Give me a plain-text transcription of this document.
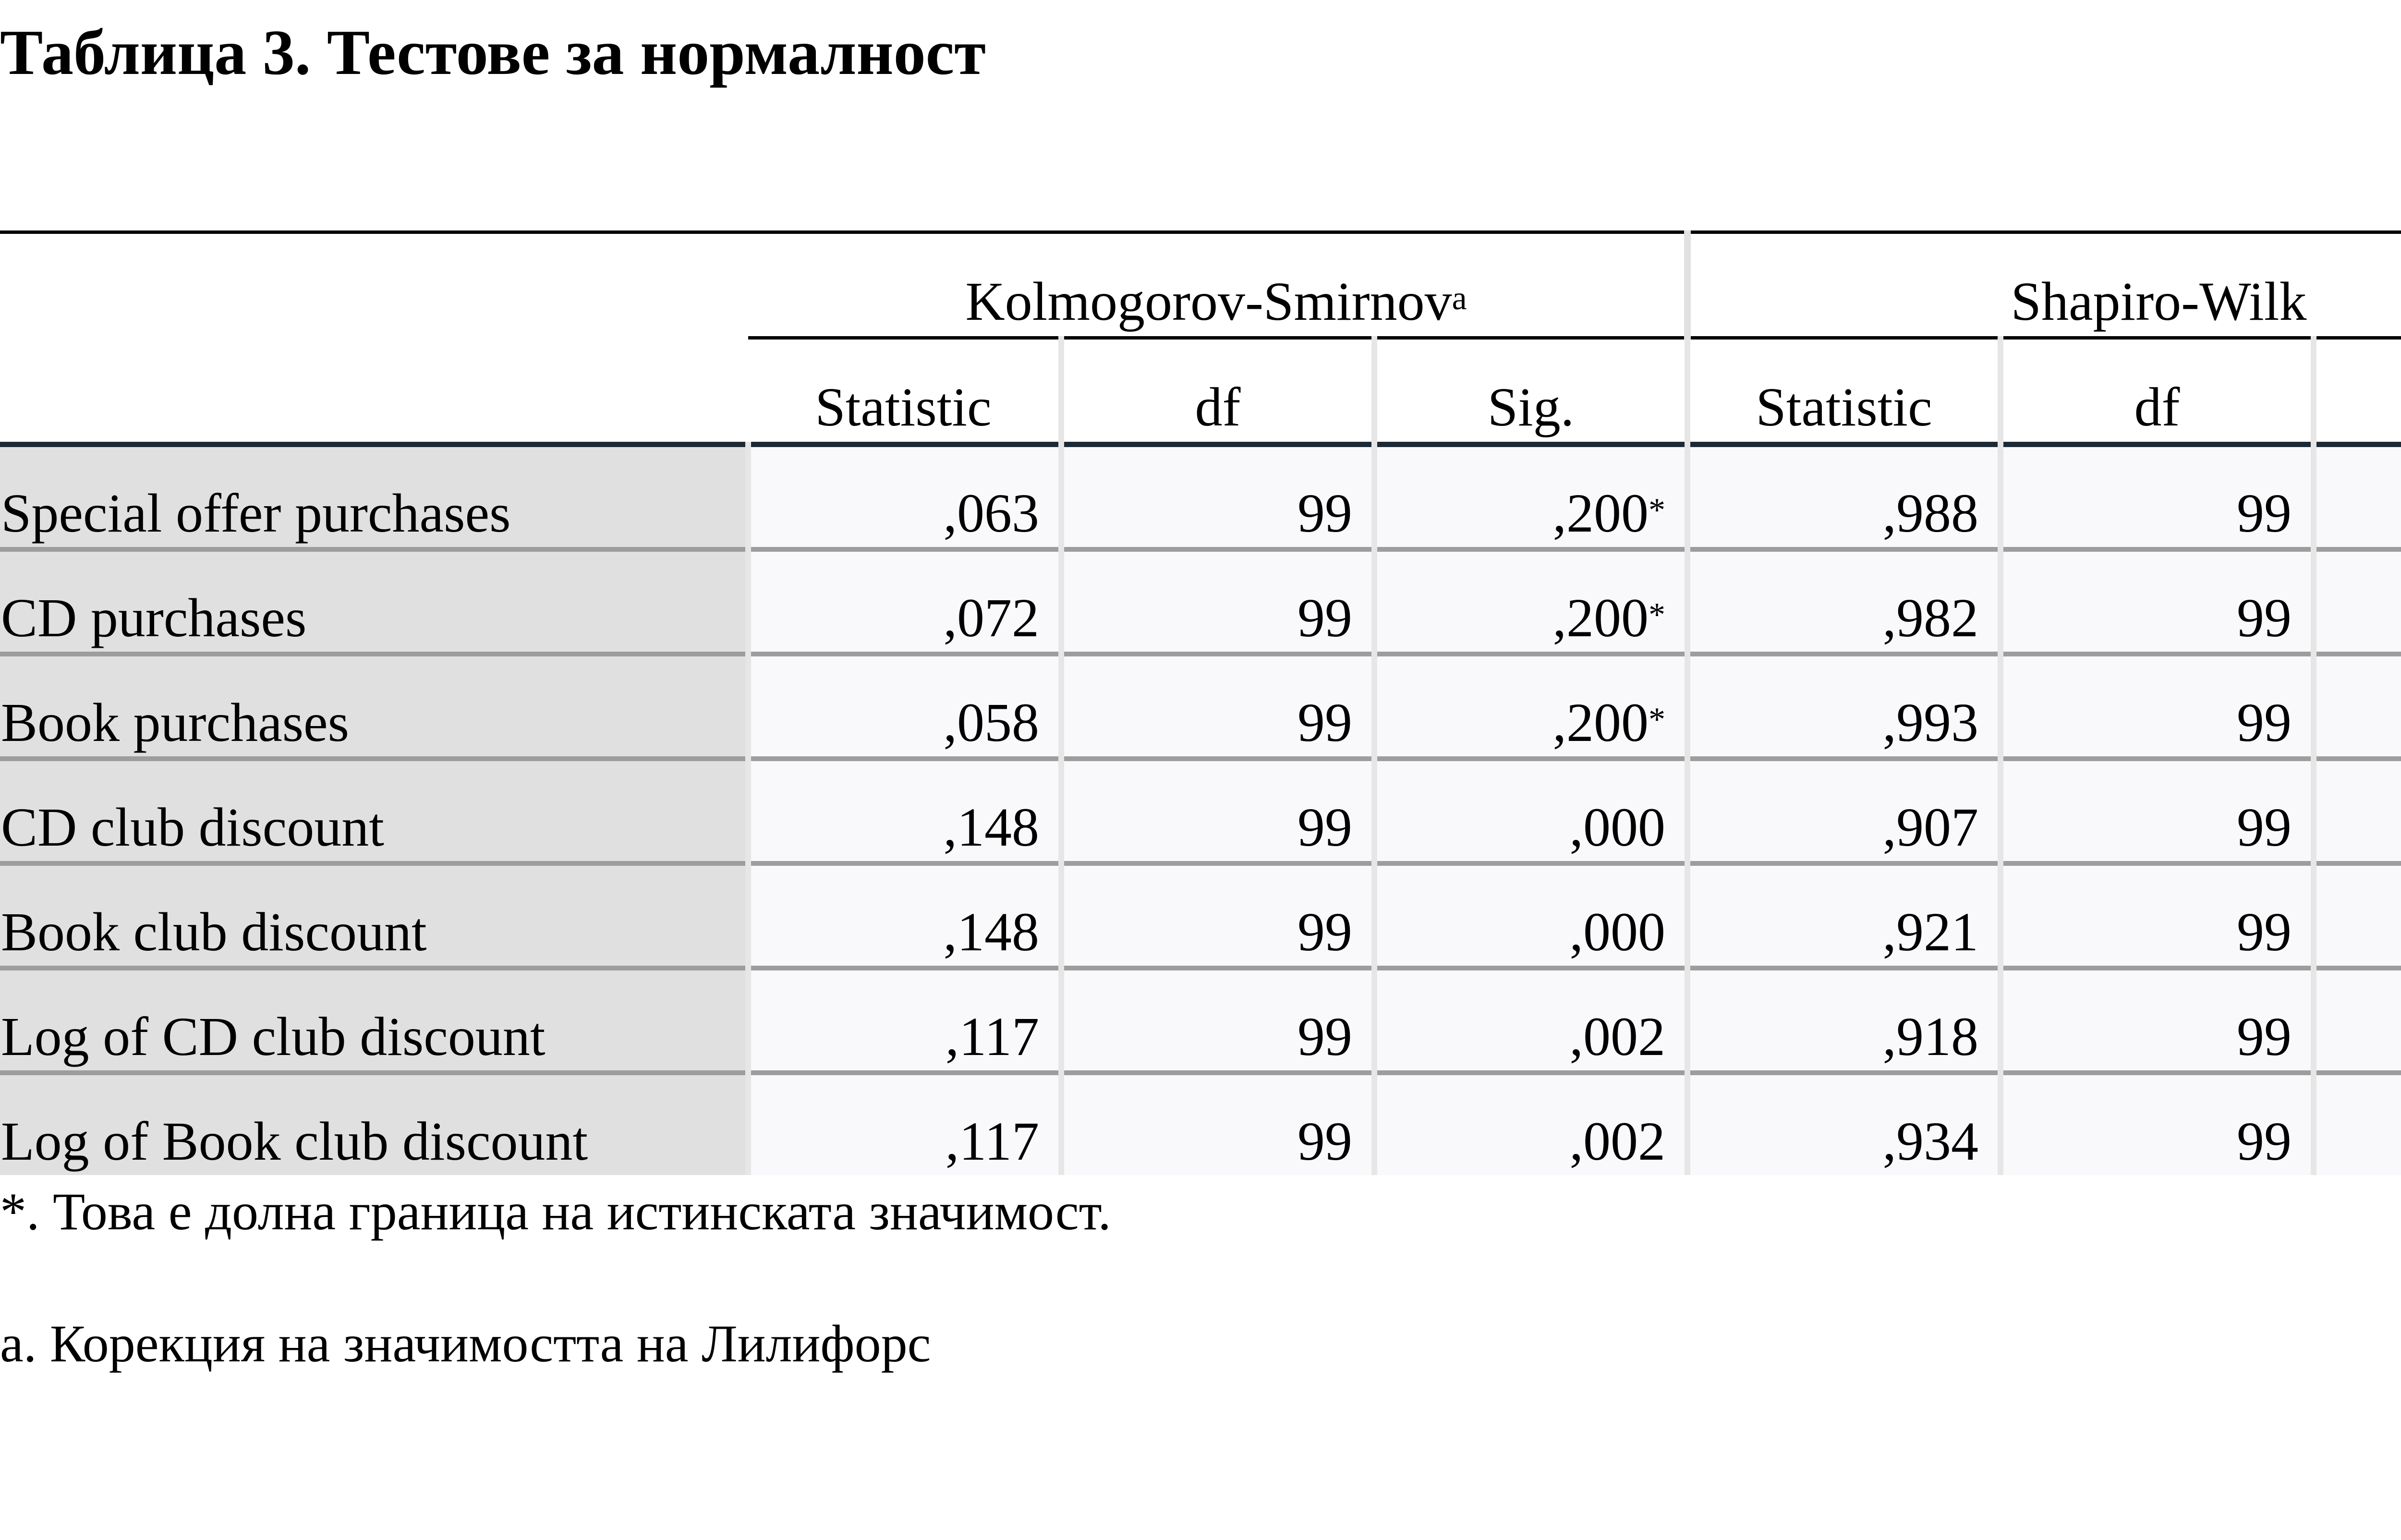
Таблица 3. Тестове за нормалност
	Kolmogorov-Smirnov$^a$			Shapiro-Wilk		
	Statistic	df	Sig.	Statistic	df	
Special offer purchases	,063	99	,200*	,988	99	
CD purchases	,072	99	,200*	,982	99	
Book purchases	,058	99	,200*	,993	99	
CD club discount	,148	99	,000	,907	99	
Book club discount	,148	99	,000	,921	99	
Log of CD club discount	,117	99	,002	,918	99	
Log of Book club discount	,117	99	,002	,934	99	
*. Това е долна граница на истинската значимост.
a. Корекция на значимостта на Лилифорс
